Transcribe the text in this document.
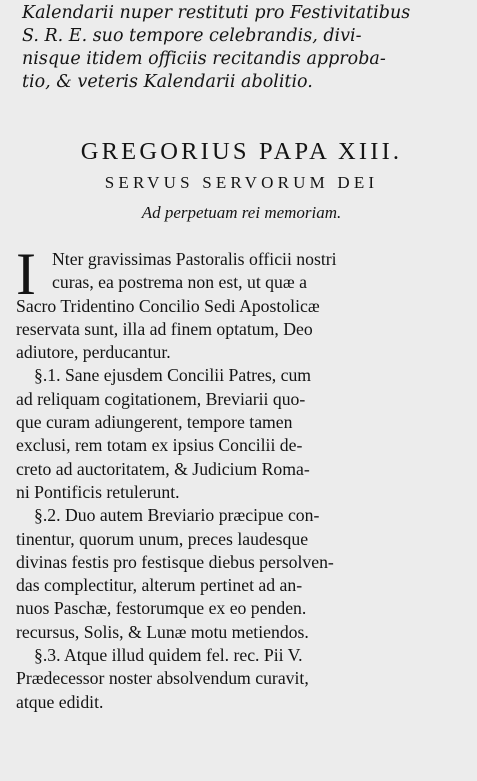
Kalendarii nuper restituti pro Festivitatibus

S. R. E. suo tempore celebrandis, divi-

nisque itidem officiis recitandis approba-

tio, & veteris Kalendarii abolitio.

GREGORIUS PAPA XIII.
SERVUS SERVORUM DEI
Ad perpetuam rei memoriam.
I Nter gravissimas Pastoralis officii nostri
curas, ea postrema non est, ut quæ a
Sacro Tridentino Concilio Sedi Apostolicæ
reservata sunt, illa ad finem optatum, Deo
adiutore, perducantur.
§.1. Sane ejusdem Concilii Patres, cum
ad reliquam cogitationem, Breviarii quo-
que curam adiungerent, tempore tamen
exclusi, rem totam ex ipsius Concilii de-
creto ad auctoritatem, & Judicium Roma-
ni Pontificis retulerunt.
§.2. Duo autem Breviario præcipue con-
tinentur, quorum unum, preces laudesque
divinas festis pro festisque diebus persolven-
das complectitur, alterum pertinet ad an-
nuos Paschæ, festorumque ex eo penden.
recursus, Solis, & Lunæ motu metiendos.
§.3. Atque illud quidem fel. rec. Pii V.
Prædecessor noster absolvendum curavit,
atque edidit.
